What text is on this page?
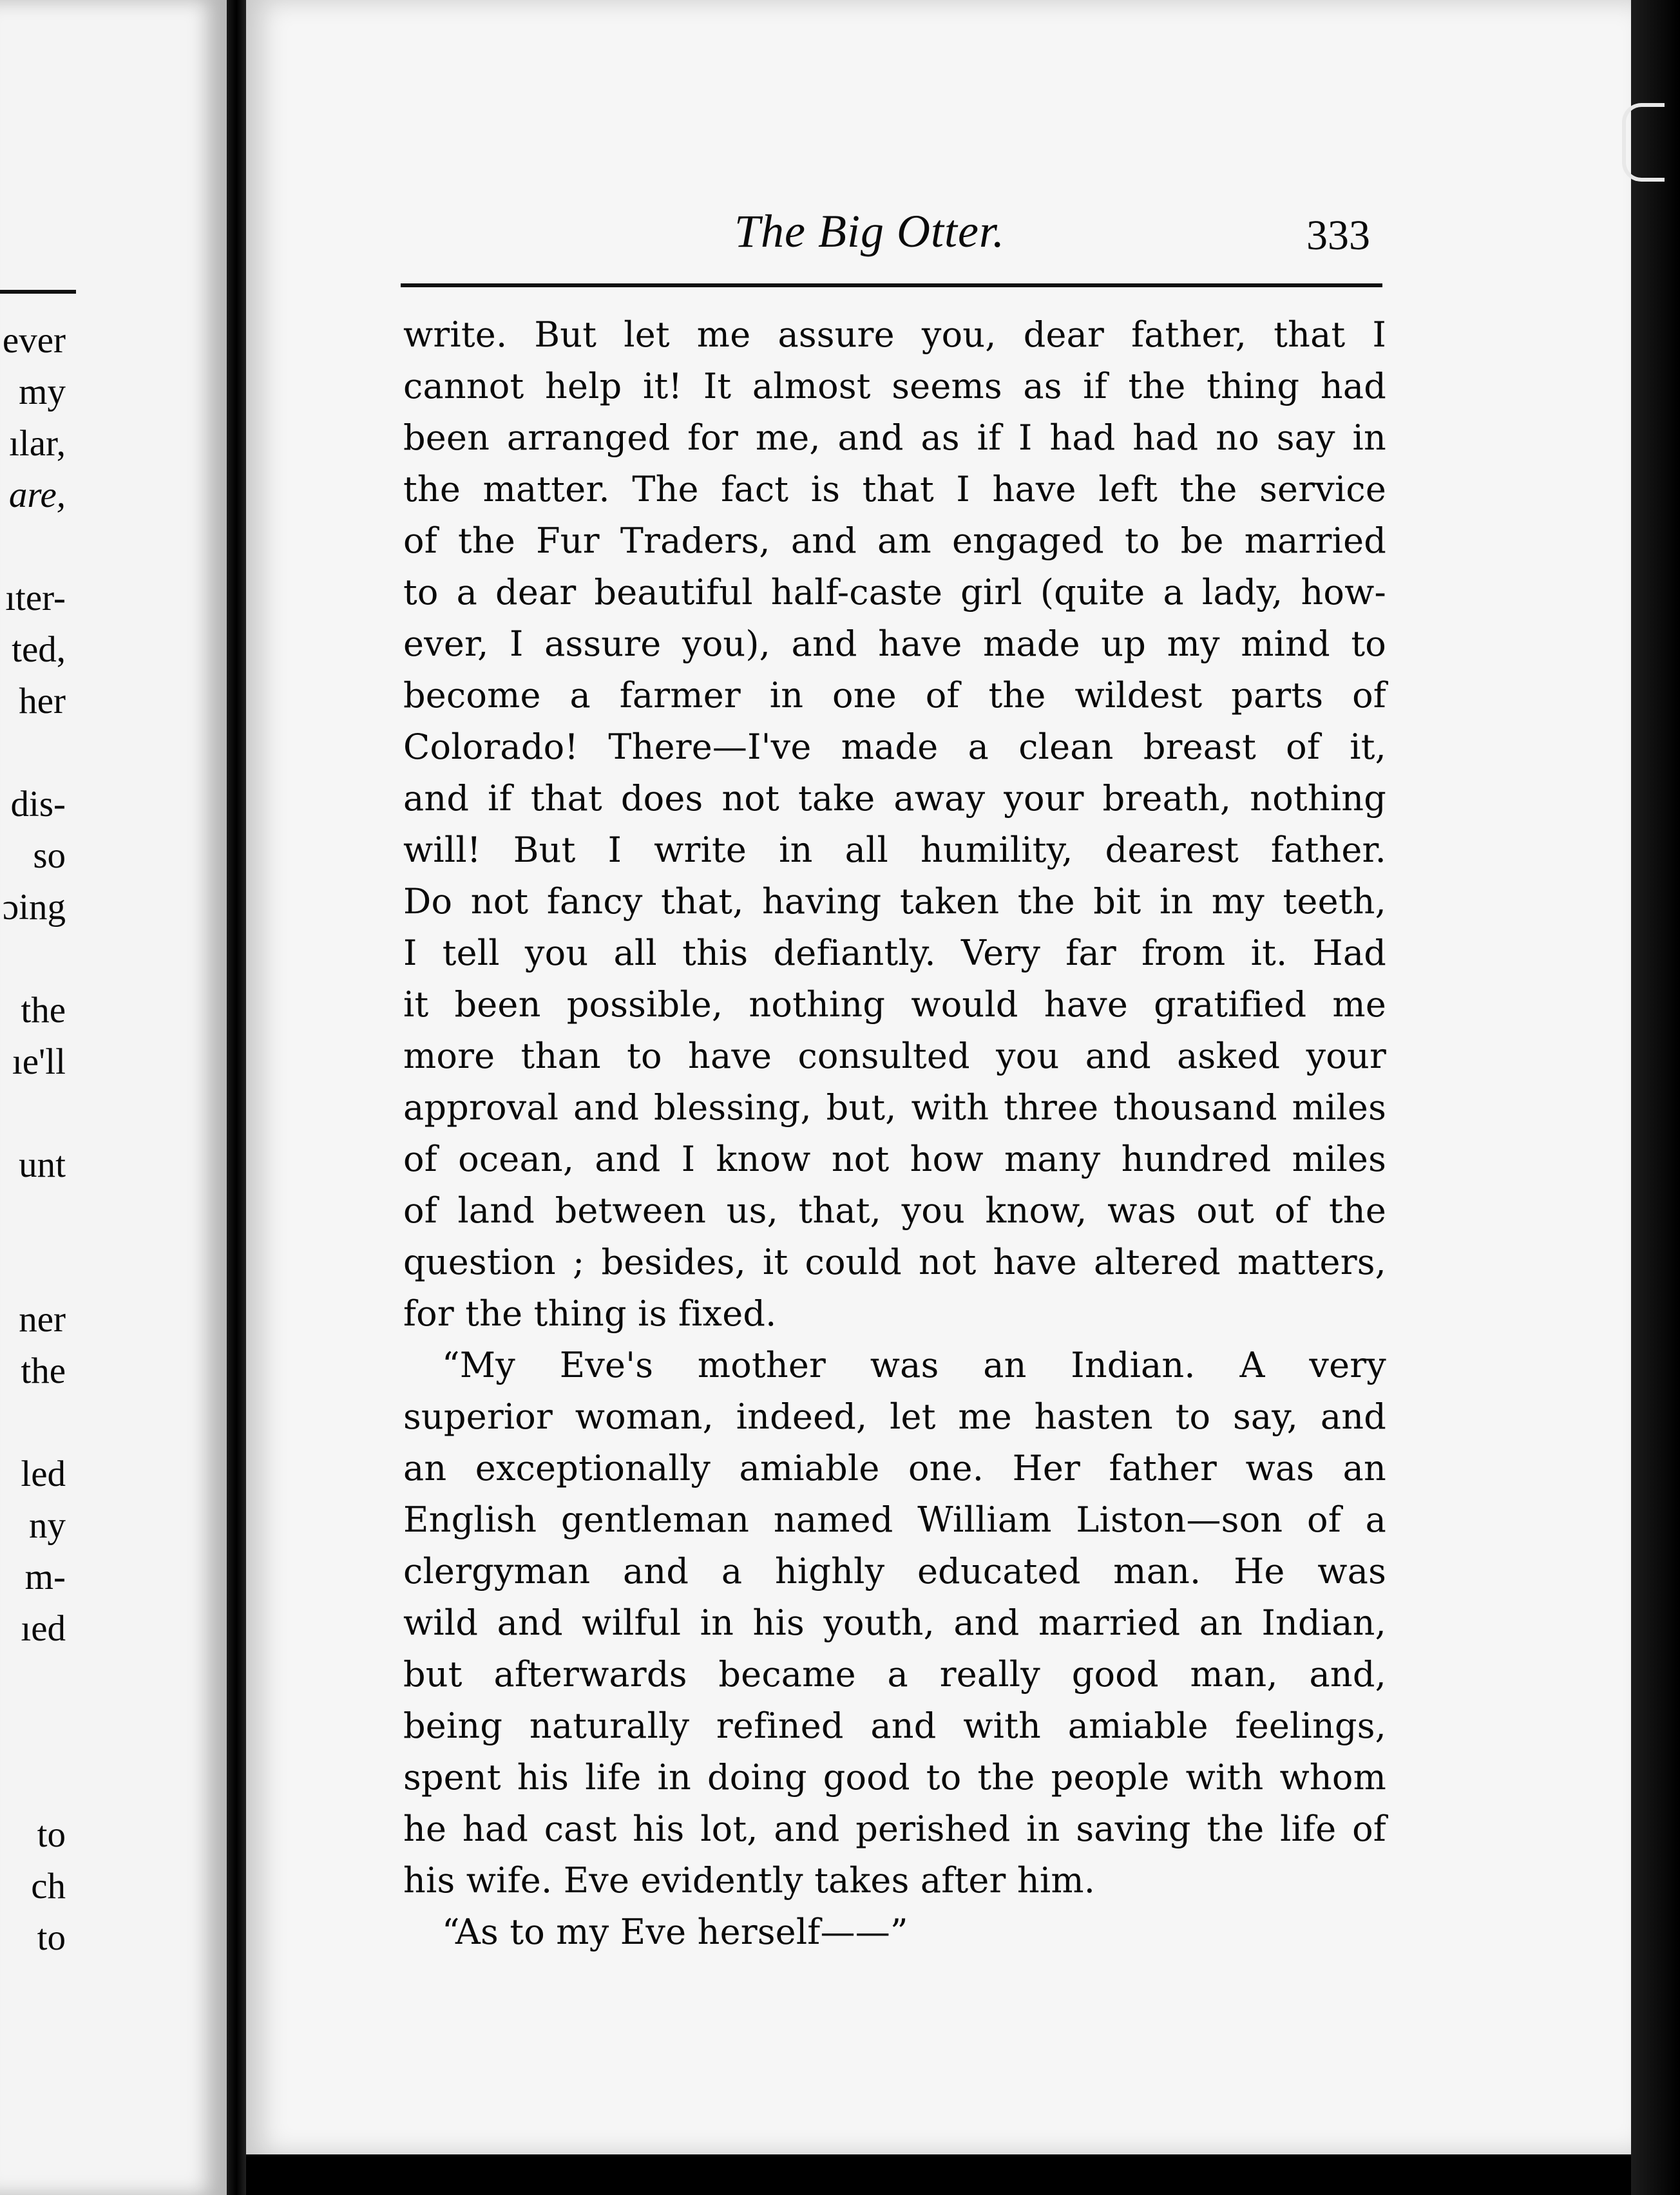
ever
my
ılar,
are,
ıter-
ted,
her
dis-
so
ɔing
the
ıe'll
unt
ner
the
led
ny
m-
ıed
to
ch
to
The Big Otter.	333
write. But let me assure you, dear father, that I
cannot help it! It almost seems as if the thing had
been arranged for me, and as if I had had no say in
the matter. The fact is that I have left the service
of the Fur Traders, and am engaged to be married
to a dear beautiful half-caste girl (quite a lady, how-
ever, I assure you), and have made up my mind to
become a farmer in one of the wildest parts of
Colorado! There—I've made a clean breast of it,
and if that does not take away your breath, nothing
will! But I write in all humility, dearest father.
Do not fancy that, having taken the bit in my teeth,
I tell you all this defiantly. Very far from it. Had
it been possible, nothing would have gratified me
more than to have consulted you and asked your
approval and blessing, but, with three thousand miles
of ocean, and I know not how many hundred miles
of land between us, that, you know, was out of the
question ; besides, it could not have altered matters,
for the thing is fixed.
“My Eve's mother was an Indian. A very
superior woman, indeed, let me hasten to say, and
an exceptionally amiable one. Her father was an
English gentleman named William Liston—son of a
clergyman and a highly educated man. He was
wild and wilful in his youth, and married an Indian,
but afterwards became a really good man, and,
being naturally refined and with amiable feelings,
spent his life in doing good to the people with whom
he had cast his lot, and perished in saving the life of
his wife. Eve evidently takes after him.
“As to my Eve herself——”
